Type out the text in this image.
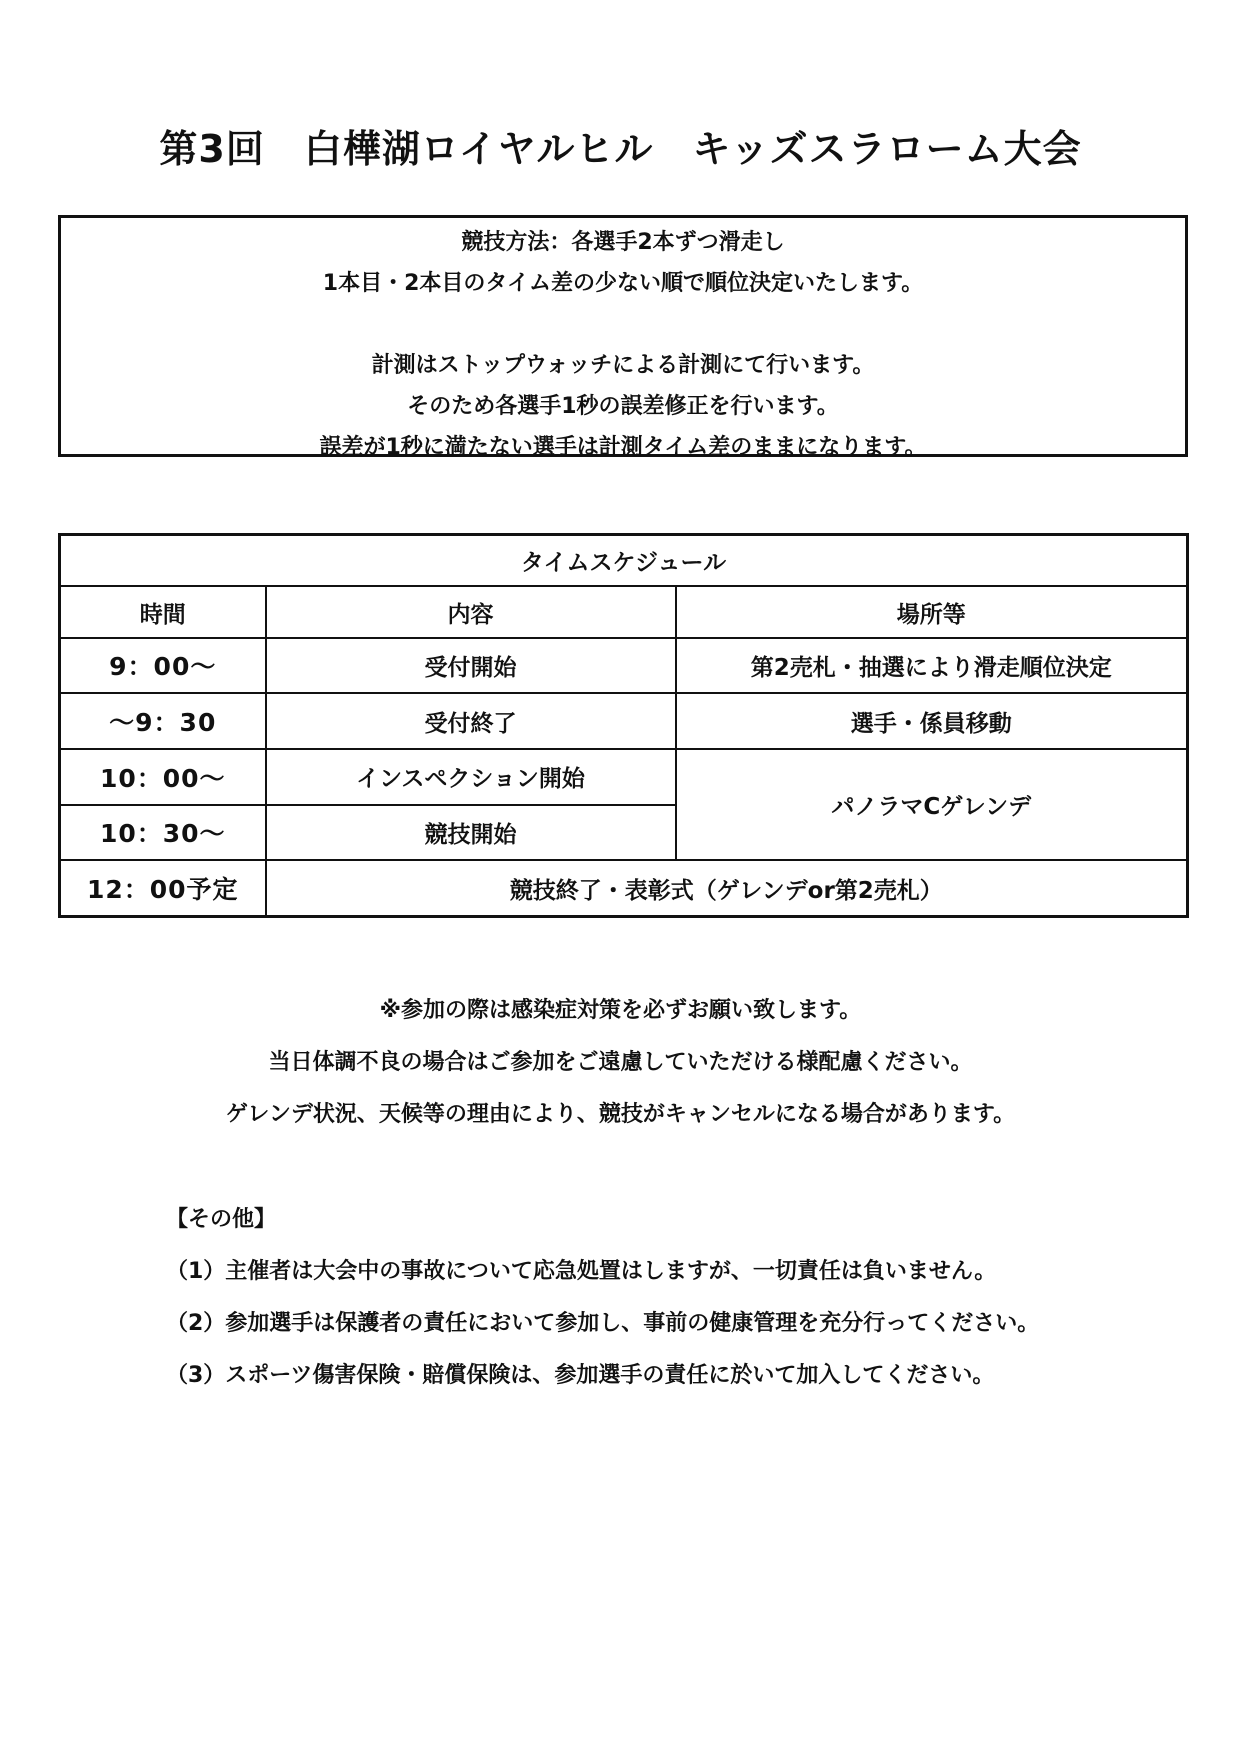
第3回　白樺湖ロイヤルヒル　キッズスラローム大会
競技方法：各選手2本ずつ滑走し
1本目・2本目のタイム差の少ない順で順位決定いたします。
計測はストップウォッチによる計測にて行います。
そのため各選手1秒の誤差修正を行います。
誤差が1秒に満たない選手は計測タイム差のままになります。
タイムスケジュール		
時間	内容	場所等
9：00～	受付開始	第2売札・抽選により滑走順位決定
～9：30	受付終了	選手・係員移動
10：00～	インスペクション開始	パノラマCゲレンデ
10：30～	競技開始	
12：00予定	競技終了・表彰式（ゲレンデor第2売札）	
※参加の際は感染症対策を必ずお願い致します。
当日体調不良の場合はご参加をご遠慮していただける様配慮ください。
ゲレンデ状況、天候等の理由により、競技がキャンセルになる場合があります。
【その他】
（1）主催者は大会中の事故について応急処置はしますが、一切責任は負いません。
（2）参加選手は保護者の責任において参加し、事前の健康管理を充分行ってください。
（3）スポーツ傷害保険・賠償保険は、参加選手の責任に於いて加入してください。
